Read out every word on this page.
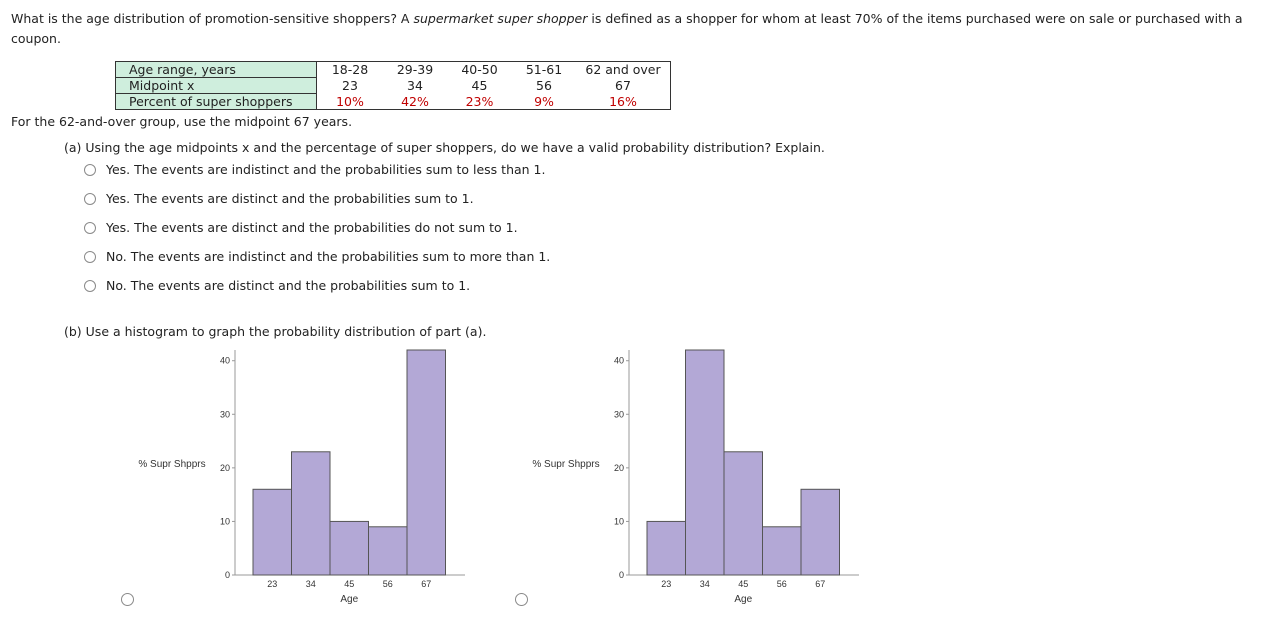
What is the age distribution of promotion-sensitive shoppers? A supermarket super shopper is defined as a shopper for whom at least 70% of the items purchased were on sale or purchased with a coupon.
Age range, years	18-28	29-39	40-50	51-61	62 and over
Midpoint x	23	34	45	56	67
Percent of super shoppers	10%	42%	23%	9%	16%
For the 62-and-over group, use the midpoint 67 years.
(a) Using the age midpoints x and the percentage of super shoppers, do we have a valid probability distribution? Explain.
Yes. The events are indistinct and the probabilities sum to less than 1.
Yes. The events are distinct and the probabilities sum to 1.
Yes. The events are distinct and the probabilities do not sum to 1.
No. The events are indistinct and the probabilities sum to more than 1.
No. The events are distinct and the probabilities sum to 1.
(b) Use a histogram to graph the probability distribution of part (a).
0
10
20
30
40
23	34	45	56	67
Age
% Supr Shpprs
0
10
20
30
40
23	34	45	56	67
Age
% Supr Shpprs
